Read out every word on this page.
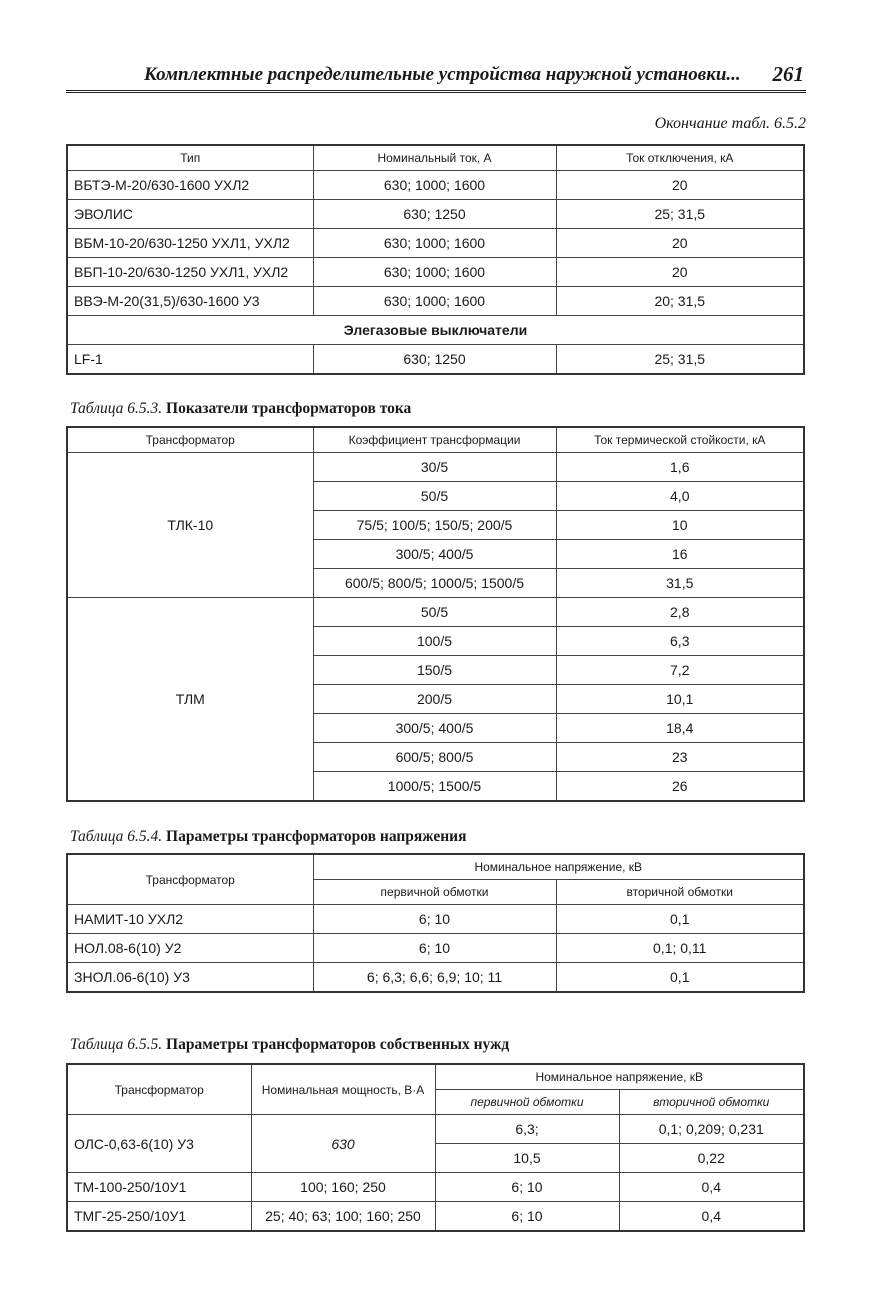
Комплектные распределительные устройства наружной установки... 261
Окончание табл. 6.5.2
Тип	Номинальный ток, А	Ток отключения, кА
ВБТЭ-М-20/630-1600 УХЛ2	630; 1000; 1600	20
ЭВОЛИС	630; 1250	25; 31,5
ВБМ-10-20/630-1250 УХЛ1, УХЛ2	630; 1000; 1600	20
ВБП-10-20/630-1250 УХЛ1, УХЛ2	630; 1000; 1600	20
ВВЭ-М-20(31,5)/630-1600 У3	630; 1000; 1600	20; 31,5
Элегазовые выключатели		
LF-1	630; 1250	25; 31,5
Таблица 6.5.3. Показатели трансформаторов тока
Трансформатор	Коэффициент трансформации	Ток термической стойкости, кА
ТЛК-10	30/5	1,6
	50/5	4,0
	75/5; 100/5; 150/5; 200/5	10
	300/5; 400/5	16
	600/5; 800/5; 1000/5; 1500/5	31,5
ТЛМ	50/5	2,8
	100/5	6,3
	150/5	7,2
	200/5	10,1
	300/5; 400/5	18,4
	600/5; 800/5	23
	1000/5; 1500/5	26
Таблица 6.5.4. Параметры трансформаторов напряжения
Трансформатор	Номинальное напряжение, кВ	
	первичной обмотки	вторичной обмотки
НАМИТ-10 УХЛ2	6; 10	0,1
НОЛ.08-6(10) У2	6; 10	0,1; 0,11
ЗНОЛ.06-6(10) У3	6; 6,3; 6,6; 6,9; 10; 11	0,1
Таблица 6.5.5. Параметры трансформаторов собственных нужд
Трансформатор	Номинальная мощность, В·А	Номинальное напряжение, кВ	
		первичной обмотки	вторичной обмотки
ОЛС-0,63-6(10) У3	630	6,3;	0,1; 0,209; 0,231
		10,5	0,22
ТМ-100-250/10У1	100; 160; 250	6; 10	0,4
ТМГ-25-250/10У1	25; 40; 63; 100; 160; 250	6; 10	0,4
